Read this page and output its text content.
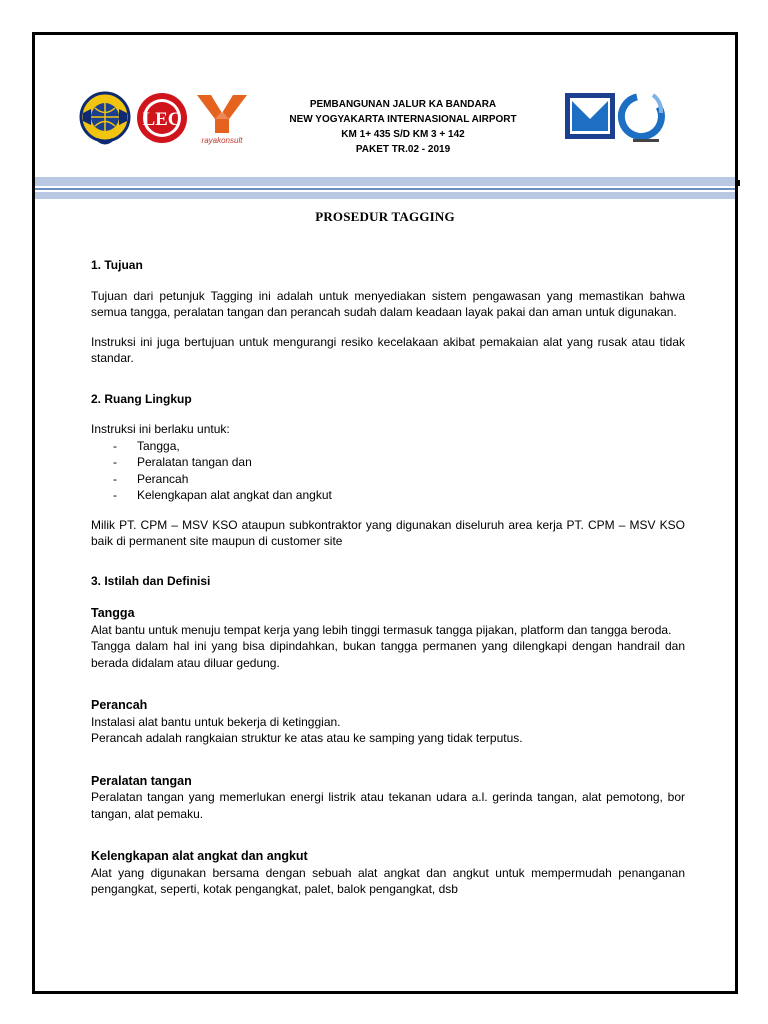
LEC
rayakonsult
PEMBANGUNAN JALUR KA BANDARA
NEW YOGYAKARTA INTERNASIONAL AIRPORT
KM 1+ 435 S/D KM 3 + 142
PAKET TR.02 - 2019
PROSEDUR TAGGING

1. Tujuan

Tujuan dari petunjuk Tagging ini adalah untuk menyediakan sistem pengawasan yang memastikan bahwa semua tangga, peralatan tangan dan perancah sudah dalam keadaan layak pakai dan aman untuk digunakan.

Instruksi ini juga bertujuan untuk mengurangi resiko kecelakaan akibat pemakaian alat yang rusak atau tidak standar.

2. Ruang Lingkup

Instruksi ini berlaku untuk:

- Tangga,
- Peralatan tangan dan
- Perancah
- Kelengkapan alat angkat dan angkut

Milik PT. CPM – MSV KSO ataupun subkontraktor yang digunakan diseluruh area kerja PT. CPM – MSV KSO baik di permanent site maupun di customer site

3. Istilah dan Definisi

Tangga

Alat bantu untuk menuju tempat kerja yang lebih tinggi termasuk tangga pijakan, platform dan tangga beroda.

Tangga dalam hal ini yang bisa dipindahkan, bukan tangga permanen yang dilengkapi dengan handrail dan berada didalam atau diluar gedung.

Perancah

Instalasi alat bantu untuk bekerja di ketinggian.

Perancah adalah rangkaian struktur ke atas atau ke samping yang tidak terputus.

Peralatan tangan

Peralatan tangan yang memerlukan energi listrik atau tekanan udara a.l. gerinda tangan, alat pemotong, bor tangan, alat pemaku.

Kelengkapan alat angkat dan angkut

Alat yang digunakan bersama dengan sebuah alat angkat dan angkut untuk mempermudah penanganan pengangkat, seperti, kotak pengangkat, palet, balok pengangkat, dsb
